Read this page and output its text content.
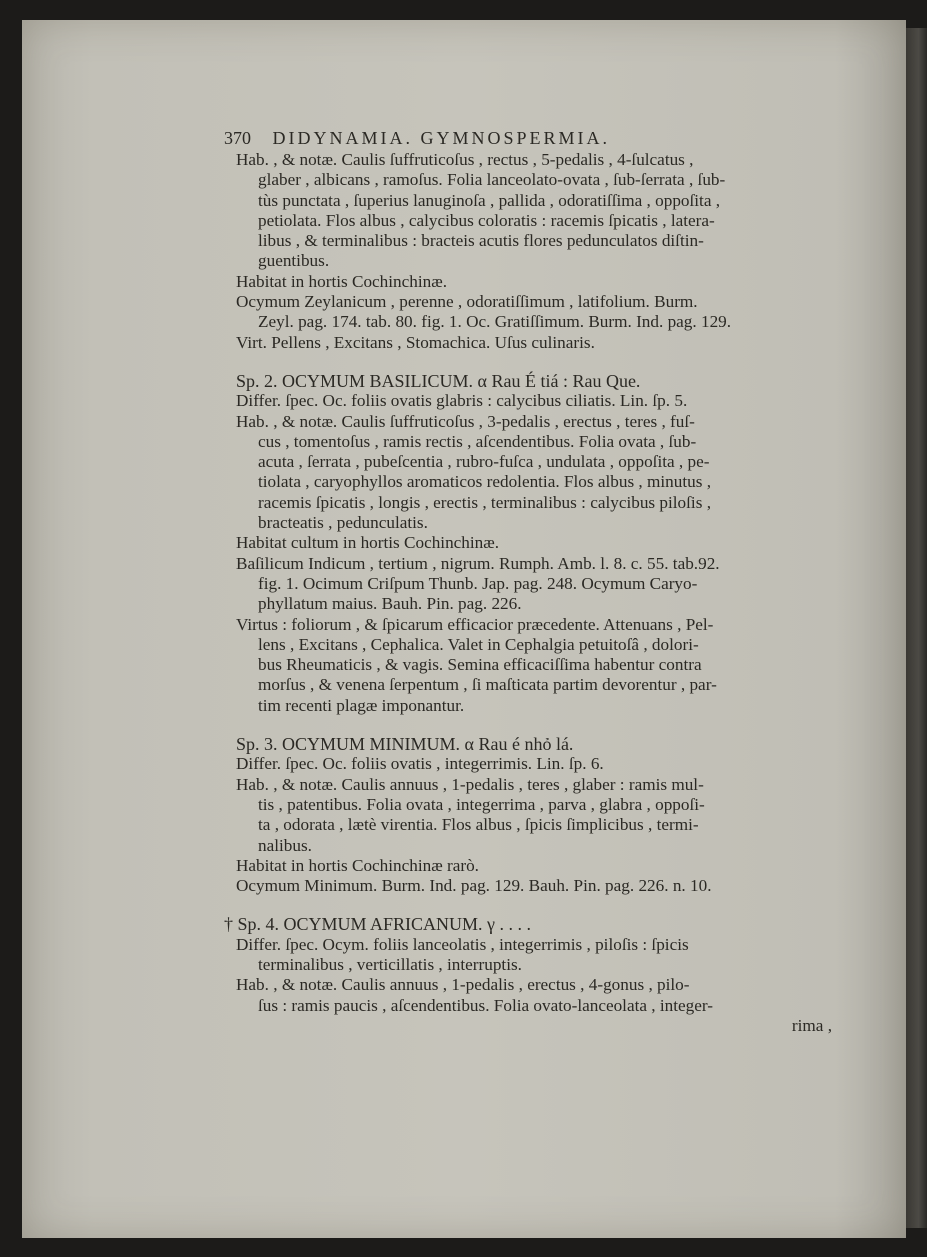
370 DIDYNAMIA. GYMNOSPERMIA.
Hab. , & notæ. Caulis ſuffruticoſus , rectus , 5-pedalis , 4-ſulcatus ,
glaber , albicans , ramoſus. Folia lanceolato-ovata , ſub-ſerrata , ſub-
tùs punctata , ſuperius lanuginoſa , pallida , odoratiſſima , oppoſita ,
petiolata. Flos albus , calycibus coloratis : racemis ſpicatis , latera-
libus , & terminalibus : bracteis acutis flores pedunculatos diſtin-
guentibus.
Habitat in hortis Cochinchinæ.
Ocymum Zeylanicum , perenne , odoratiſſimum , latifolium. Burm.
Zeyl. pag. 174. tab. 80. fig. 1. Oc. Gratiſſimum. Burm. Ind. pag. 129.
Virt. Pellens , Excitans , Stomachica. Uſus culinaris.
Sp. 2. OCYMUM BASILICUM. α Rau É tiá : Rau Que.
Differ. ſpec. Oc. foliis ovatis glabris : calycibus ciliatis. Lin. ſp. 5.
Hab. , & notæ. Caulis ſuffruticoſus , 3-pedalis , erectus , teres , fuſ-
cus , tomentoſus , ramis rectis , aſcendentibus. Folia ovata , ſub-
acuta , ſerrata , pubeſcentia , rubro-fuſca , undulata , oppoſita , pe-
tiolata , caryophyllos aromaticos redolentia. Flos albus , minutus ,
racemis ſpicatis , longis , erectis , terminalibus : calycibus piloſis ,
bracteatis , pedunculatis.
Habitat cultum in hortis Cochinchinæ.
Baſilicum Indicum , tertium , nigrum. Rumph. Amb. l. 8. c. 55. tab.92.
fig. 1. Ocimum Criſpum Thunb. Jap. pag. 248. Ocymum Caryo-
phyllatum maius. Bauh. Pin. pag. 226.
Virtus : foliorum , & ſpicarum efficacior præcedente. Attenuans , Pel-
lens , Excitans , Cephalica. Valet in Cephalgia petuitoſâ , dolori-
bus Rheumaticis , & vagis. Semina efficaciſſima habentur contra
morſus , & venena ſerpentum , ſi maſticata partim devorentur , par-
tim recenti plagæ imponantur.
Sp. 3. OCYMUM MINIMUM. α Rau é nhỏ lá.
Differ. ſpec. Oc. foliis ovatis , integerrimis. Lin. ſp. 6.
Hab. , & notæ. Caulis annuus , 1-pedalis , teres , glaber : ramis mul-
tis , patentibus. Folia ovata , integerrima , parva , glabra , oppoſi-
ta , odorata , lætè virentia. Flos albus , ſpicis ſimplicibus , termi-
nalibus.
Habitat in hortis Cochinchinæ rarò.
Ocymum Minimum. Burm. Ind. pag. 129. Bauh. Pin. pag. 226. n. 10.
† Sp. 4. OCYMUM AFRICANUM. γ . . . .
Differ. ſpec. Ocym. foliis lanceolatis , integerrimis , piloſis : ſpicis
terminalibus , verticillatis , interruptis.
Hab. , & notæ. Caulis annuus , 1-pedalis , erectus , 4-gonus , pilo-
ſus : ramis paucis , aſcendentibus. Folia ovato-lanceolata , integer-
rima ,
